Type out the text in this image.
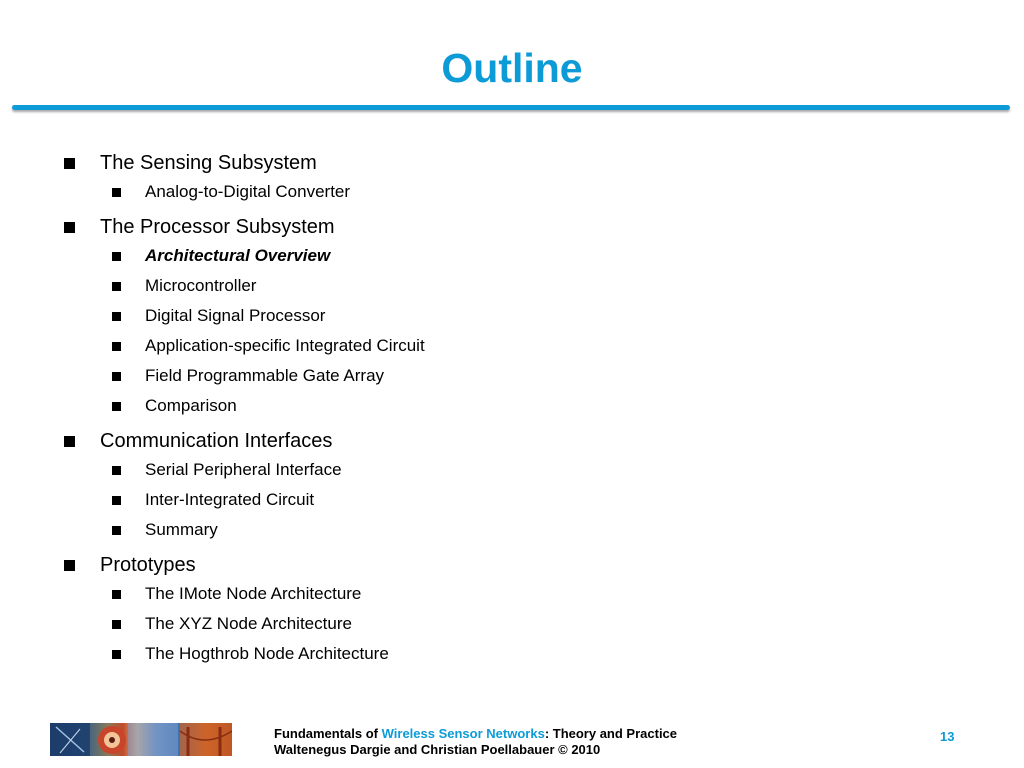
Outline
The Sensing Subsystem
Analog-to-Digital Converter
The Processor Subsystem
Architectural Overview
Microcontroller
Digital Signal Processor
Application-specific Integrated Circuit
Field Programmable Gate Array
Comparison
Communication Interfaces
Serial Peripheral Interface
Inter-Integrated Circuit
Summary
Prototypes
The IMote Node Architecture
The XYZ Node Architecture
The Hogthrob Node Architecture
Fundamentals of Wireless Sensor Networks: Theory and Practice
Waltenegus Dargie and Christian Poellabauer © 2010
13
